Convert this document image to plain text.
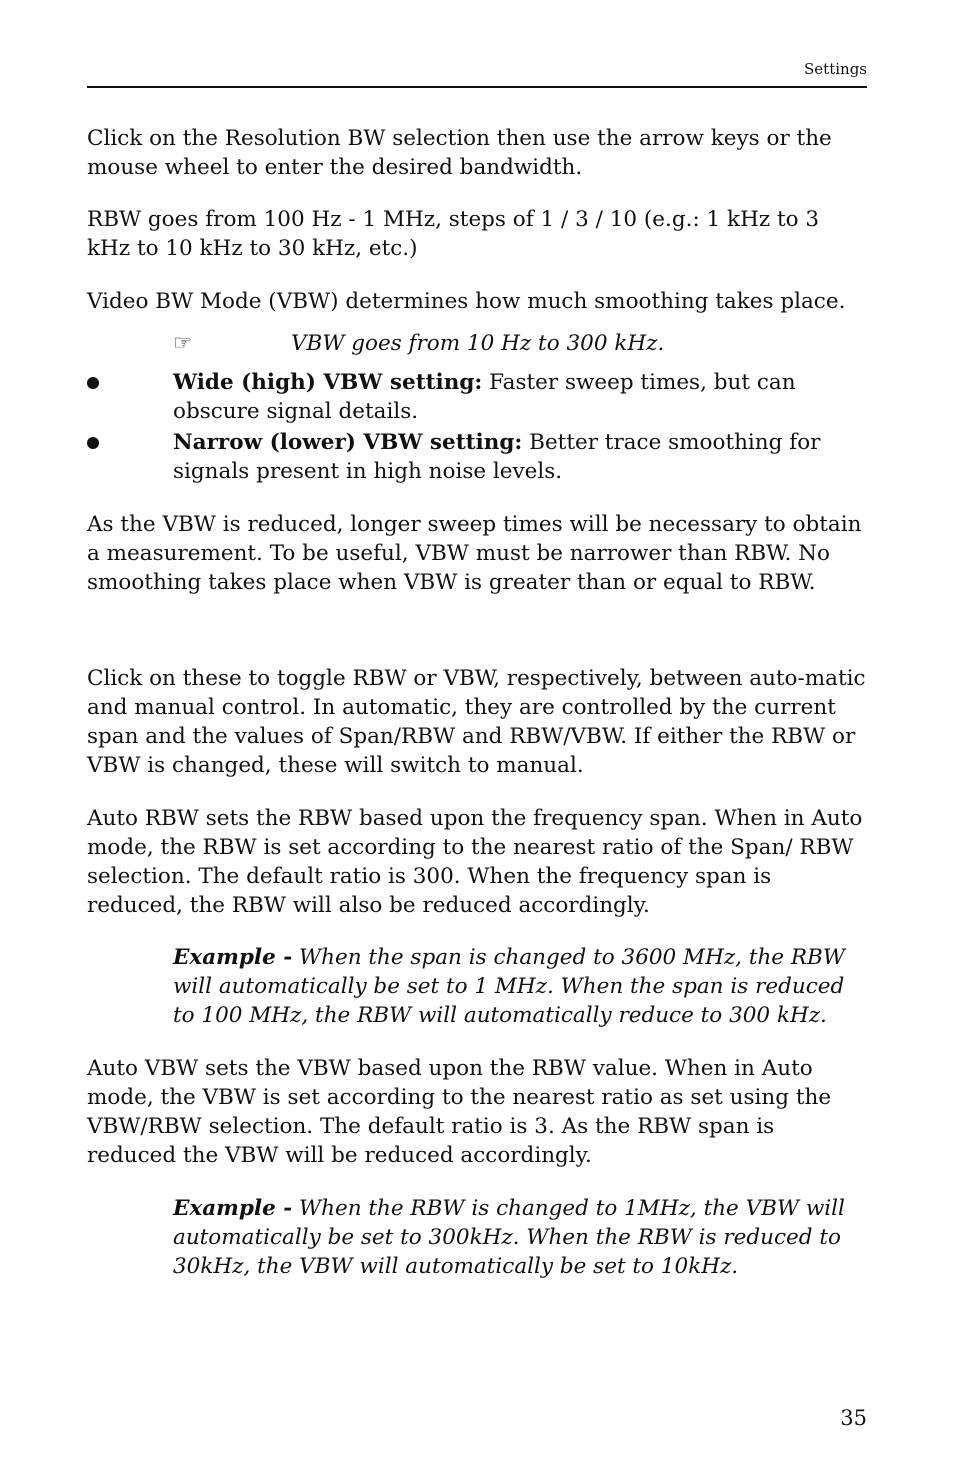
Settings

Click on the Resolution BW selection then use the arrow keys or the mouse wheel to enter the desired bandwidth.

RBW goes from 100 Hz - 1 MHz, steps of 1 / 3 / 10 (e.g.: 1 kHz to 3 kHz to 10 kHz to 30 kHz, etc.)

Video BW Mode (VBW) determines how much smoothing takes place.

☞	VBW goes from 10 Hz to 300 kHz.
Wide (high) VBW setting: Faster sweep times, but can obscure signal details.
Narrow (lower) VBW setting: Better trace smoothing for signals present in high noise levels.

As the VBW is reduced, longer sweep times will be necessary to obtain a measurement. To be useful, VBW must be narrower than RBW. No smoothing takes place when VBW is greater than or equal to RBW.

Click on these to toggle RBW or VBW, respectively, between auto-matic and manual control. In automatic, they are controlled by the current span and the values of Span/RBW and RBW/VBW. If either the RBW or VBW is changed, these will switch to manual.

Auto RBW sets the RBW based upon the frequency span. When in Auto mode, the RBW is set according to the nearest ratio of the Span/ RBW selection. The default ratio is 300. When the frequency span is reduced, the RBW will also be reduced accordingly.

Example - When the span is changed to 3600 MHz, the RBW will automatically be set to 1 MHz. When the span is reduced to 100 MHz, the RBW will automatically reduce to 300 kHz.

Auto VBW sets the VBW based upon the RBW value. When in Auto mode, the VBW is set according to the nearest ratio as set using the VBW/RBW selection. The default ratio is 3. As the RBW span is reduced the VBW will be reduced accordingly.

Example - When the RBW is changed to 1MHz, the VBW will automatically be set to 300kHz. When the RBW is reduced to 30kHz, the VBW will automatically be set to 10kHz.

35
